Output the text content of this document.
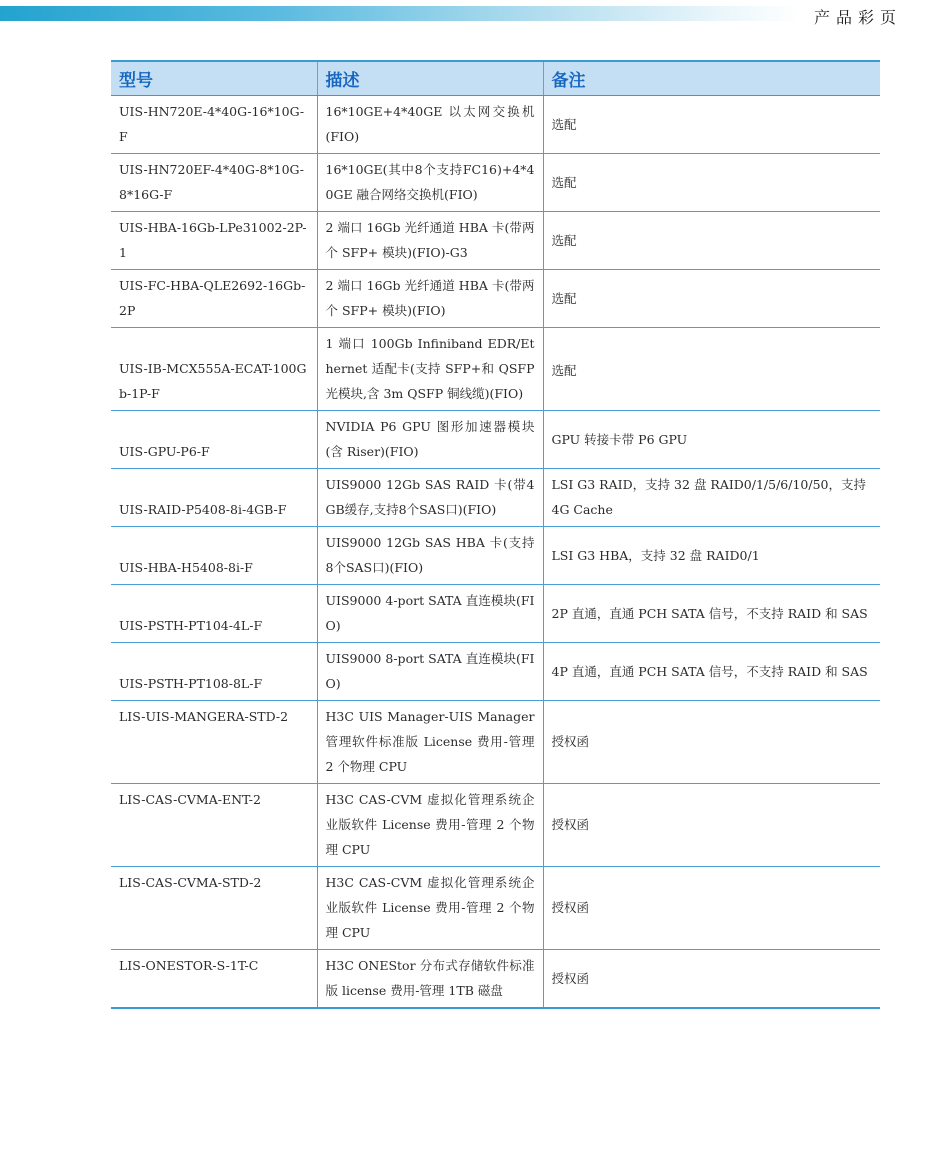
产品彩页
型号	描述	备注
UIS-HN720E-4*40G-16*10G-F	16*10GE+4*40GE 以太网交换机(FIO)	选配
UIS-HN720EF-4*40G-8*10G-8*16G-F	16*10GE(其中8个支持FC16)+4*40GE 融合网络交换机(FIO)	选配
UIS-HBA-16Gb-LPe31002-2P-1	2 端口 16Gb 光纤通道 HBA 卡(带两个 SFP+ 模块)(FIO)-G3	选配
UIS-FC-HBA-QLE2692-16Gb-2P	2 端口 16Gb 光纤通道 HBA 卡(带两个 SFP+ 模块)(FIO)	选配
UIS-IB-MCX555A-ECAT-100Gb-1P-F	1 端口 100Gb Infiniband EDR/Ethernet 适配卡(支持 SFP+和 QSFP 光模块,含 3m QSFP 铜线缆)(FIO)	选配
UIS-GPU-P6-F	NVIDIA P6 GPU 图形加速器模块(含 Riser)(FIO)	GPU 转接卡带 P6 GPU
UIS-RAID-P5408-8i-4GB-F	UIS9000 12Gb SAS RAID 卡(带4GB缓存,支持8个SAS口)(FIO)	LSI G3 RAID，支持 32 盘 RAID0/1/5/6/10/50，支持 4G Cache
UIS-HBA-H5408-8i-F	UIS9000 12Gb SAS HBA 卡(支持8个SAS口)(FIO)	LSI G3 HBA，支持 32 盘 RAID0/1
UIS-PSTH-PT104-4L-F	UIS9000 4-port SATA 直连模块(FIO)	2P 直通，直通 PCH SATA 信号，不支持 RAID 和 SAS
UIS-PSTH-PT108-8L-F	UIS9000 8-port SATA 直连模块(FIO)	4P 直通，直通 PCH SATA 信号，不支持 RAID 和 SAS
LIS-UIS-MANGERA-STD-2	H3C UIS Manager-UIS Manager管理软件标准版 License 费用-管理 2 个物理 CPU	授权函
LIS-CAS-CVMA-ENT-2	H3C CAS-CVM 虚拟化管理系统企业版软件 License 费用-管理 2 个物理 CPU	授权函
LIS-CAS-CVMA-STD-2	H3C CAS-CVM 虚拟化管理系统企业版软件 License 费用-管理 2 个物理 CPU	授权函
LIS-ONESTOR-S-1T-C	H3C ONEStor 分布式存储软件标准版 license 费用-管理 1TB 磁盘	授权函
